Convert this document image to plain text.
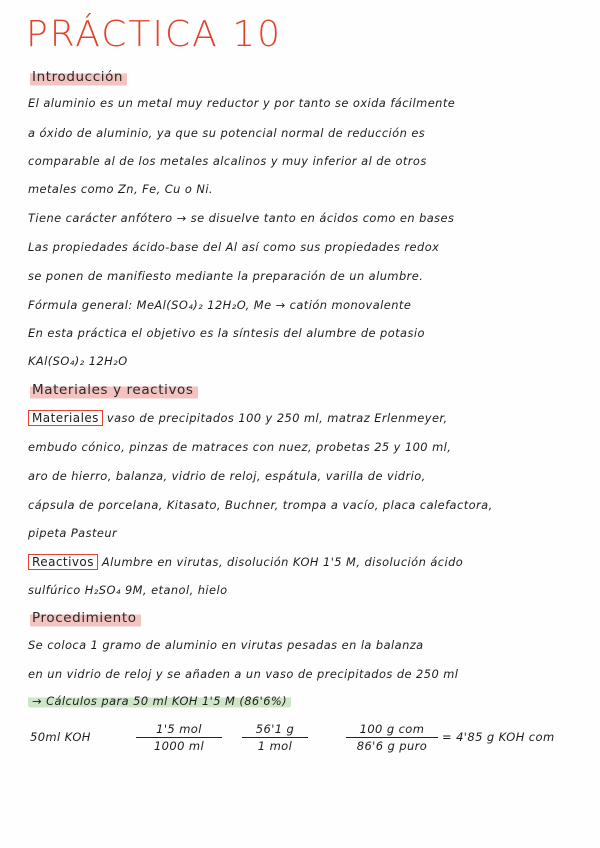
PRÁCTICA 10
Introducción
El aluminio es un metal muy reductor y por tanto se oxida fácilmente
a óxido de aluminio, ya que su potencial normal de reducción es
comparable al de los metales alcalinos y muy inferior al de otros
metales como Zn, Fe, Cu o Ni.
Tiene carácter anfótero → se disuelve tanto en ácidos como en bases
Las propiedades ácido-base del Al así como sus propiedades redox
se ponen de manifiesto mediante la preparación de un alumbre.
Fórmula general: MeAl(SO₄)₂ 12H₂O, Me → catión monovalente
En esta práctica el objetivo es la síntesis del alumbre de potasio
KAl(SO₄)₂ 12H₂O
Materiales y reactivos
Materiales vaso de precipitados 100 y 250 ml, matraz Erlenmeyer,
embudo cónico, pinzas de matraces con nuez, probetas 25 y 100 ml,
aro de hierro, balanza, vidrio de reloj, espátula, varilla de vidrio,
cápsula de porcelana, Kitasato, Buchner, trompa a vacío, placa calefactora,
pipeta Pasteur
Reactivos Alumbre en virutas, disolución KOH 1'5 M, disolución ácido
sulfúrico H₂SO₄ 9M, etanol, hielo
Procedimiento
Se coloca 1 gramo de aluminio en virutas pesadas en la balanza
en un vidrio de reloj y se añaden a un vaso de precipitados de 250 ml
→ Cálculos para 50 ml KOH 1'5 M (86'6%)
50ml KOH
1'5 mol
1000 ml
56'1 g
1 mol
100 g com
86'6 g puro
= 4'85 g KOH com
